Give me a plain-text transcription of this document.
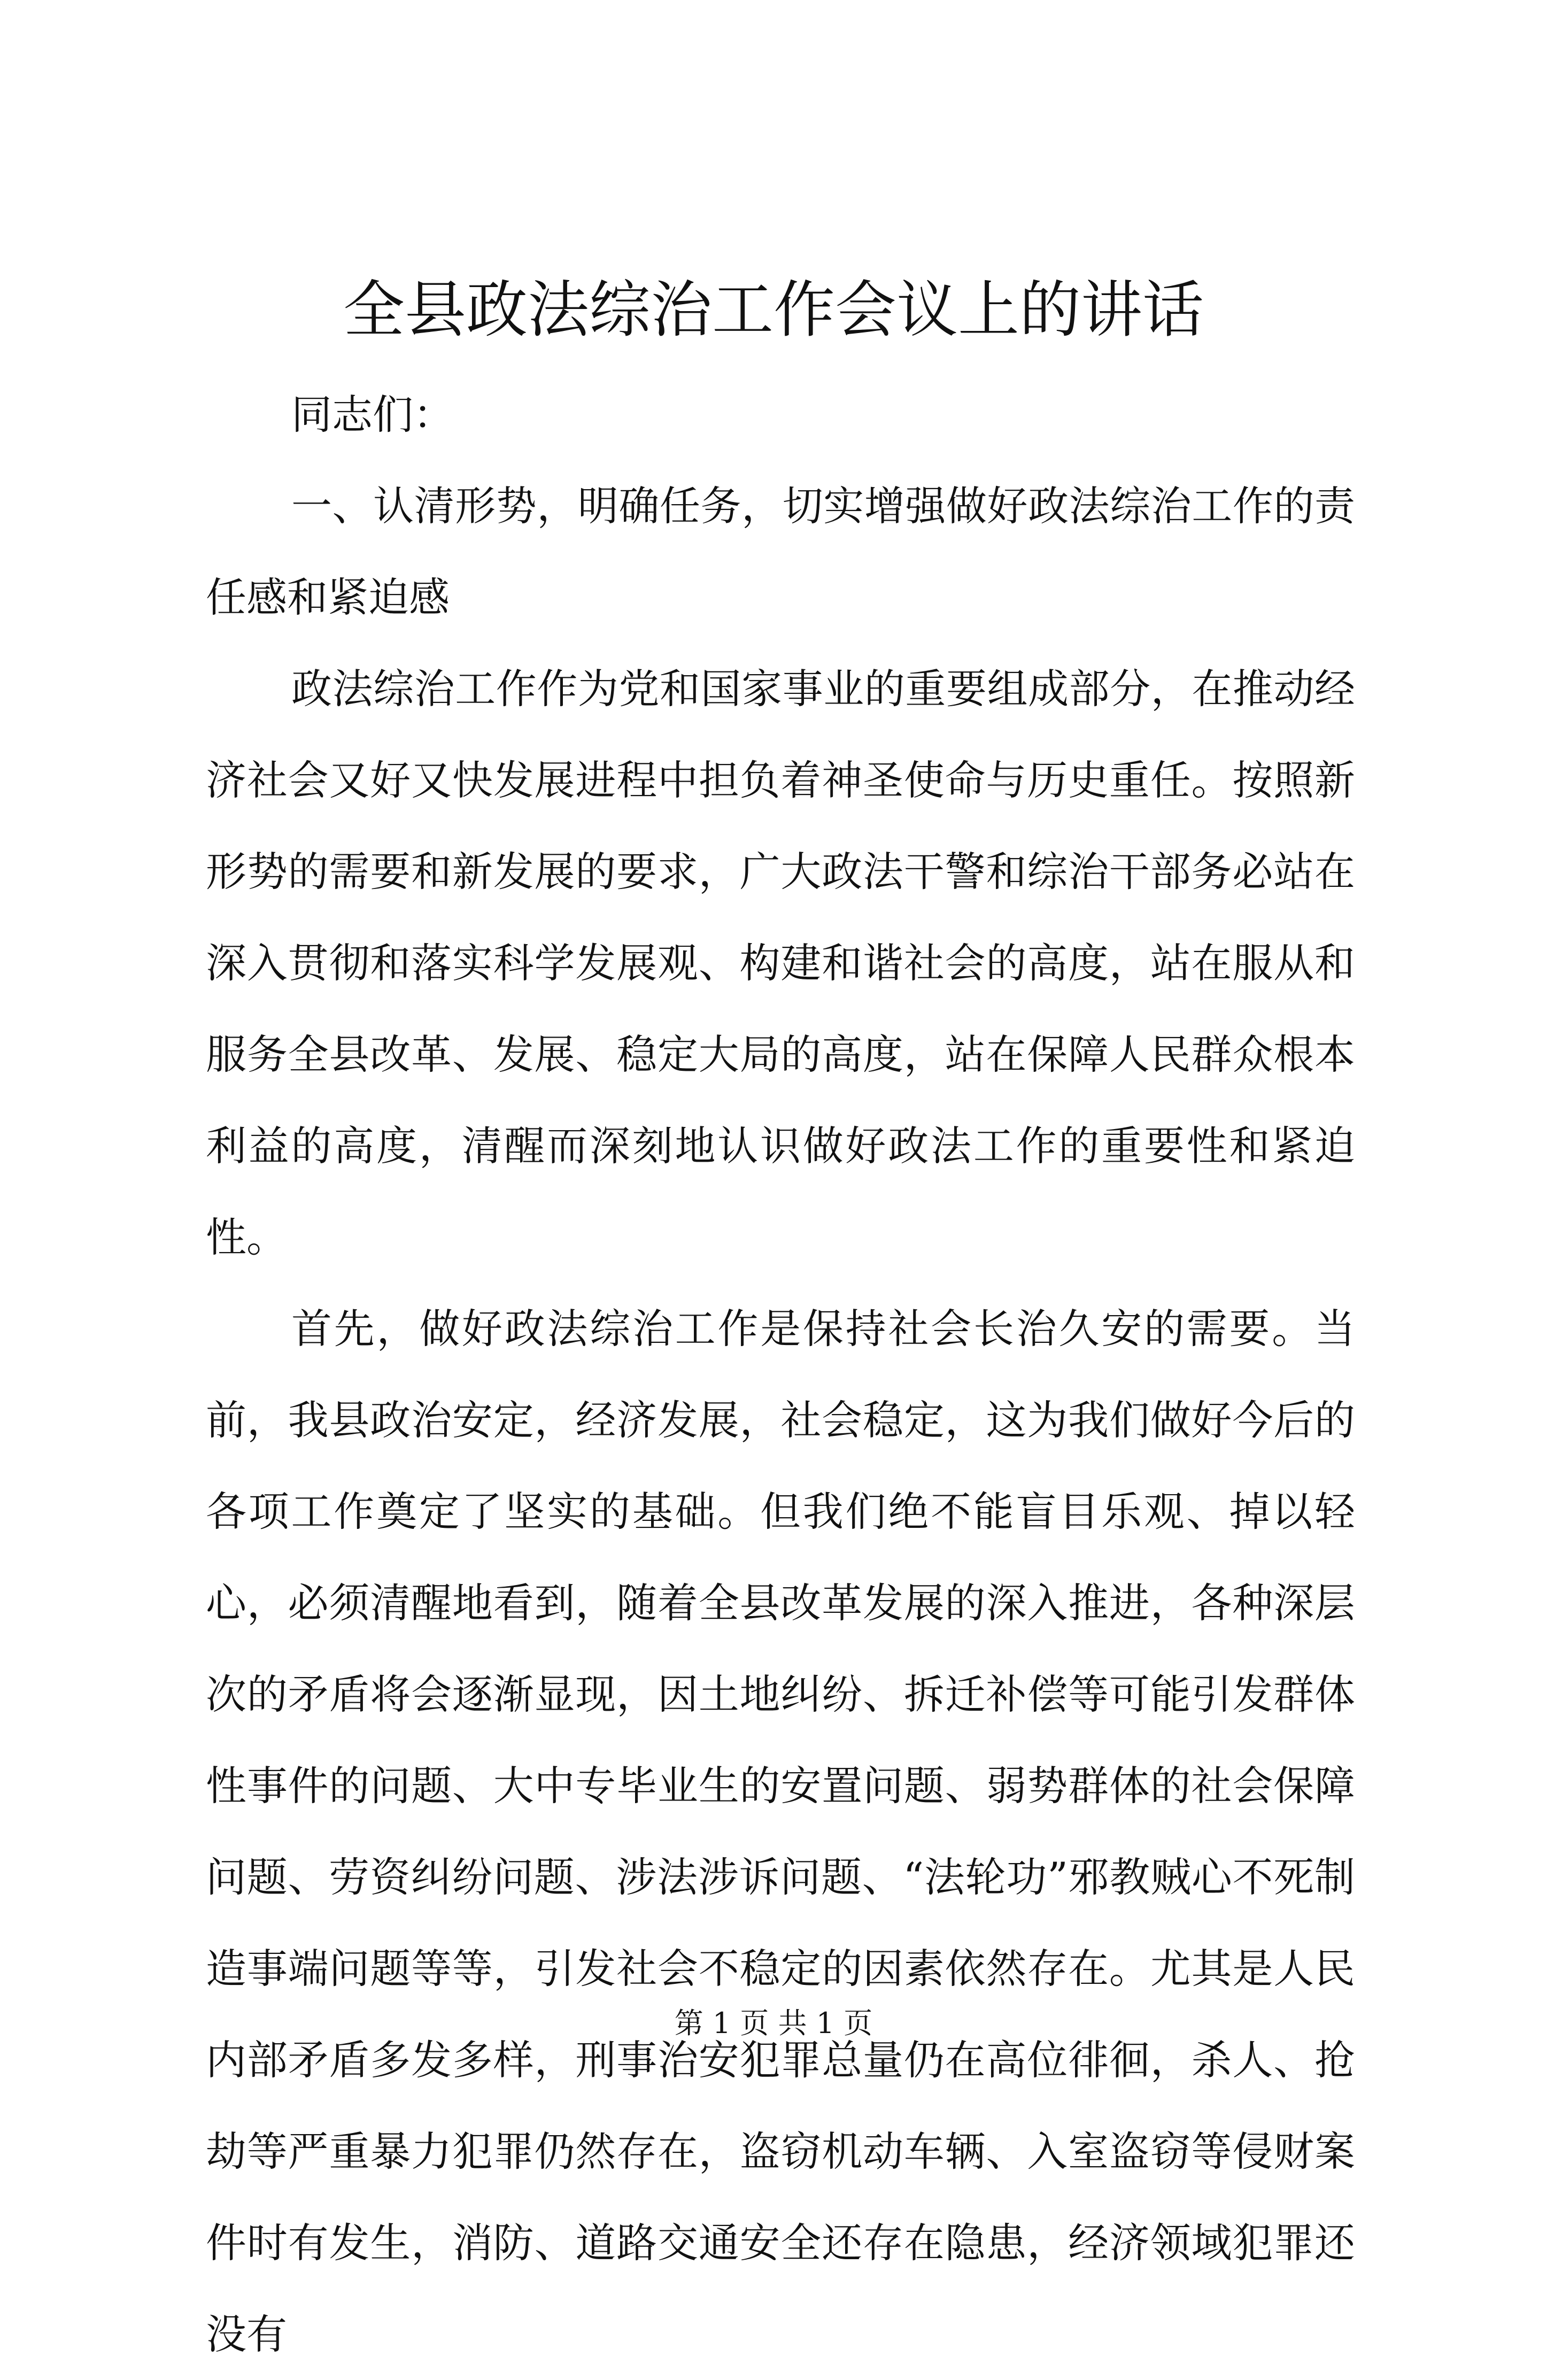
全县政法综治工作会议上的讲话

同志们：

一、认清形势，明确任务，切实增强做好政法综治工作的责任感和紧迫感

政法综治工作作为党和国家事业的重要组成部分，在推动经济社会又好又快发展进程中担负着神圣使命与历史重任。按照新形势的需要和新发展的要求，广大政法干警和综治干部务必站在深入贯彻和落实科学发展观、构建和谐社会的高度，站在服从和服务全县改革、发展、稳定大局的高度，站在保障人民群众根本利益的高度，清醒而深刻地认识做好政法工作的重要性和紧迫性。

首先，做好政法综治工作是保持社会长治久安的需要。当前，我县政治安定，经济发展，社会稳定，这为我们做好今后的各项工作奠定了坚实的基础。但我们绝不能盲目乐观、掉以轻心，必须清醒地看到，随着全县改革发展的深入推进，各种深层次的矛盾将会逐渐显现，因土地纠纷、拆迁补偿等可能引发群体性事件的问题、大中专毕业生的安置问题、弱势群体的社会保障问题、劳资纠纷问题、涉法涉诉问题、“法轮功”邪教贼心不死制造事端问题等等，引发社会不稳定的因素依然存在。尤其是人民内部矛盾多发多样，刑事治安犯罪总量仍在高位徘徊，杀人、抢劫等严重暴力犯罪仍然存在，盗窃机动车辆、入室盗窃等侵财案件时有发生，消防、道路交通安全还存在隐患，经济领域犯罪还没有

第 1 页 共 1 页
